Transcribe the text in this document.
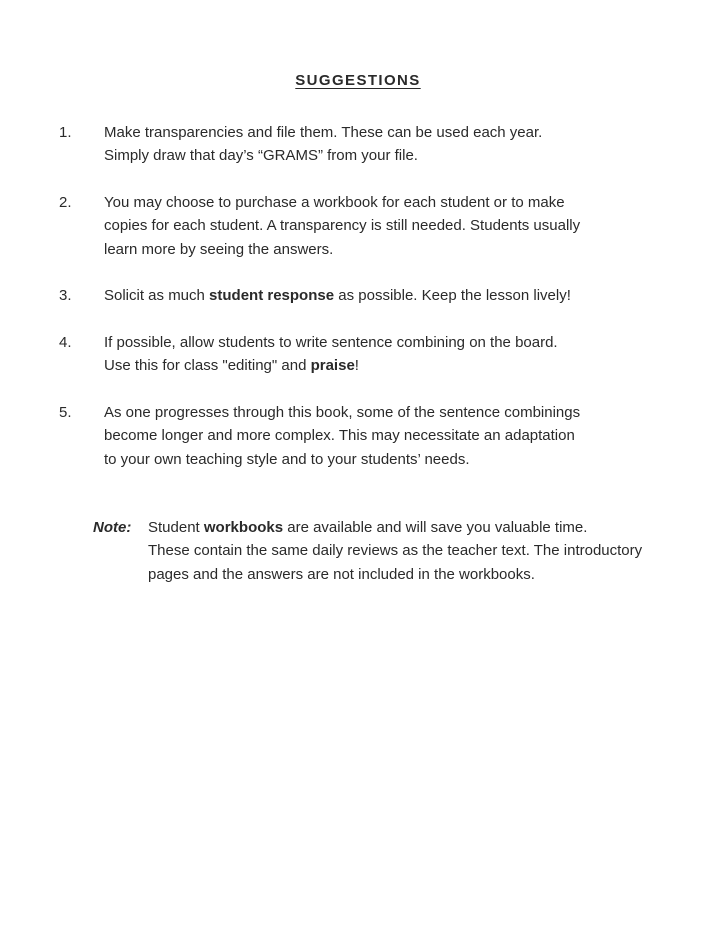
SUGGESTIONS
1.	Make transparencies and file them. These can be used each year.
Simply draw that day’s “GRAMS” from your file.
2.	You may choose to purchase a workbook for each student or to make
copies for each student. A transparency is still needed. Students usually
learn more by seeing the answers.
3.	Solicit as much student response as possible. Keep the lesson lively!
4.	If possible, allow students to write sentence combining on the board.
Use this for class "editing" and praise!
5.	As one progresses through this book, some of the sentence combinings
become longer and more complex. This may necessitate an adaptation
to your own teaching style and to your students’ needs.
Note: Student workbooks are available and will save you valuable time.
These contain the same daily reviews as the teacher text. The introductory
pages and the answers are not included in the workbooks.
